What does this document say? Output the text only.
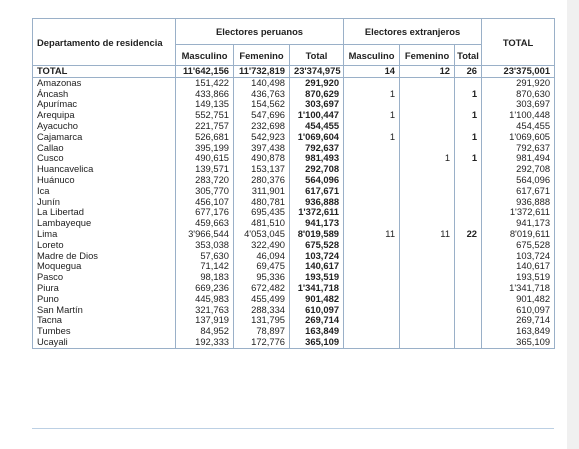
Departamento de residencia	Electores peruanos			Electores extranjeros			TOTAL
	Masculino	Femenino	Total	Masculino	Femenino	Total	
TOTAL	11'642,156	11'732,819	23'374,975	14	12	26	23'375,001
Amazonas	151,422	140,498	291,920				291,920
Áncash	433,866	436,763	870,629	1		1	870,630
Apurímac	149,135	154,562	303,697				303,697
Arequipa	552,751	547,696	1'100,447	1		1	1'100,448
Ayacucho	221,757	232,698	454,455				454,455
Cajamarca	526,681	542,923	1'069,604	1		1	1'069,605
Callao	395,199	397,438	792,637				792,637
Cusco	490,615	490,878	981,493		1	1	981,494
Huancavelica	139,571	153,137	292,708				292,708
Huánuco	283,720	280,376	564,096				564,096
Ica	305,770	311,901	617,671				617,671
Junín	456,107	480,781	936,888				936,888
La Libertad	677,176	695,435	1'372,611				1'372,611
Lambayeque	459,663	481,510	941,173				941,173
Lima	3'966,544	4'053,045	8'019,589	11	11	22	8'019,611
Loreto	353,038	322,490	675,528				675,528
Madre de Dios	57,630	46,094	103,724				103,724
Moquegua	71,142	69,475	140,617				140,617
Pasco	98,183	95,336	193,519				193,519
Piura	669,236	672,482	1'341,718				1'341,718
Puno	445,983	455,499	901,482				901,482
San Martín	321,763	288,334	610,097				610,097
Tacna	137,919	131,795	269,714				269,714
Tumbes	84,952	78,897	163,849				163,849
Ucayali	192,333	172,776	365,109				365,109
